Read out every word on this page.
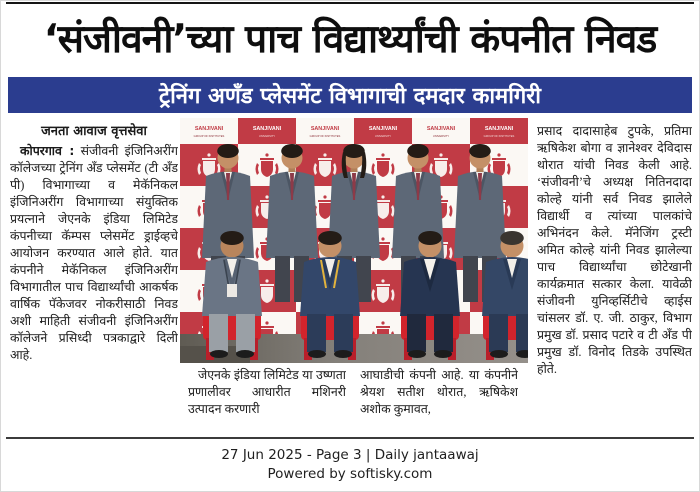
‘संजीवनी’च्या पाच विद्यार्थ्यांची कंपनीत निवड
ट्रेनिंग अणँड प्लेसमेंट विभागाची दमदार कामगिरी

जनता आवाज वृत्तसेवा

कोपरगाव : संजीवनी इंजिनिअरींग कॉलेजच्या ट्रेनिंग अँड प्लेसमेंट (टी अँड पी) विभागाच्या व मेकॅनिकल इंजिनिअरींग विभागाच्या संयुक्तिक प्रयत्नाने जेएनके इंडिया लिमिटेड कंपनीच्या कॅम्पस प्लेसमेंट ड्राईव्हचे आयोजन करण्यात आले होते. यात कंपनीने मेकॅनिकल इंजिनिअरींग विभागातील पाच विद्यार्थ्यांची आकर्षक वार्षिक पॅकेजवर नोकरीसाठी निवड अशी माहिती संजीवनी इंजिनिअरींग कॉलेजने प्रसिध्दी पत्रकाद्वारे दिली आहे.

SANJIVANI
GROUP OF INSTITUTES
SANJIVANI
UNIVERSITY
SANJIVANI
GROUP OF INSTITUTES
SANJIVANI
UNIVERSITY
SANJIVANI
UNIVERSITY
SANJIVANI
GROUP OF INSTITUTES

जेएनके इंडिया लिमिटेड या उष्णता प्रणालीवर आधारीत मशिनरी उत्पादन करणारी

आघाडीची कंपनी आहे. या कंपनीने श्रेयश सतीश थोरात, ऋषिकेश अशोक कुमावत,

प्रसाद दादासाहेब टुपके, प्रतिमा ऋषिकेश बोगा व ज्ञानेश्वर देविदास थोरात यांची निवड केली आहे. ‘संजीवनी’चे अध्यक्ष नितिनदादा कोल्हे यांनी सर्व निवड झालेले विद्यार्थी व त्यांच्या पालकांचे अभिनंदन केले. मॅनेजिंग ट्रस्टी अमित कोल्हे यांनी निवड झालेल्या पाच विद्यार्थ्यांचा छोटेखानी कार्यक्रमात सत्कार केला. यावेळी संजीवनी युनिव्हर्सिटीचे व्हाईस चांसलर डॉ. ए. जी. ठाकुर, विभाग प्रमुख डॉ. प्रसाद पटारे व टी अँड पी प्रमुख डॉ. विनोद तिडके उपस्थित होते.

27 Jun 2025 - Page 3 | Daily jantaawaj
Powered by softisky.com
